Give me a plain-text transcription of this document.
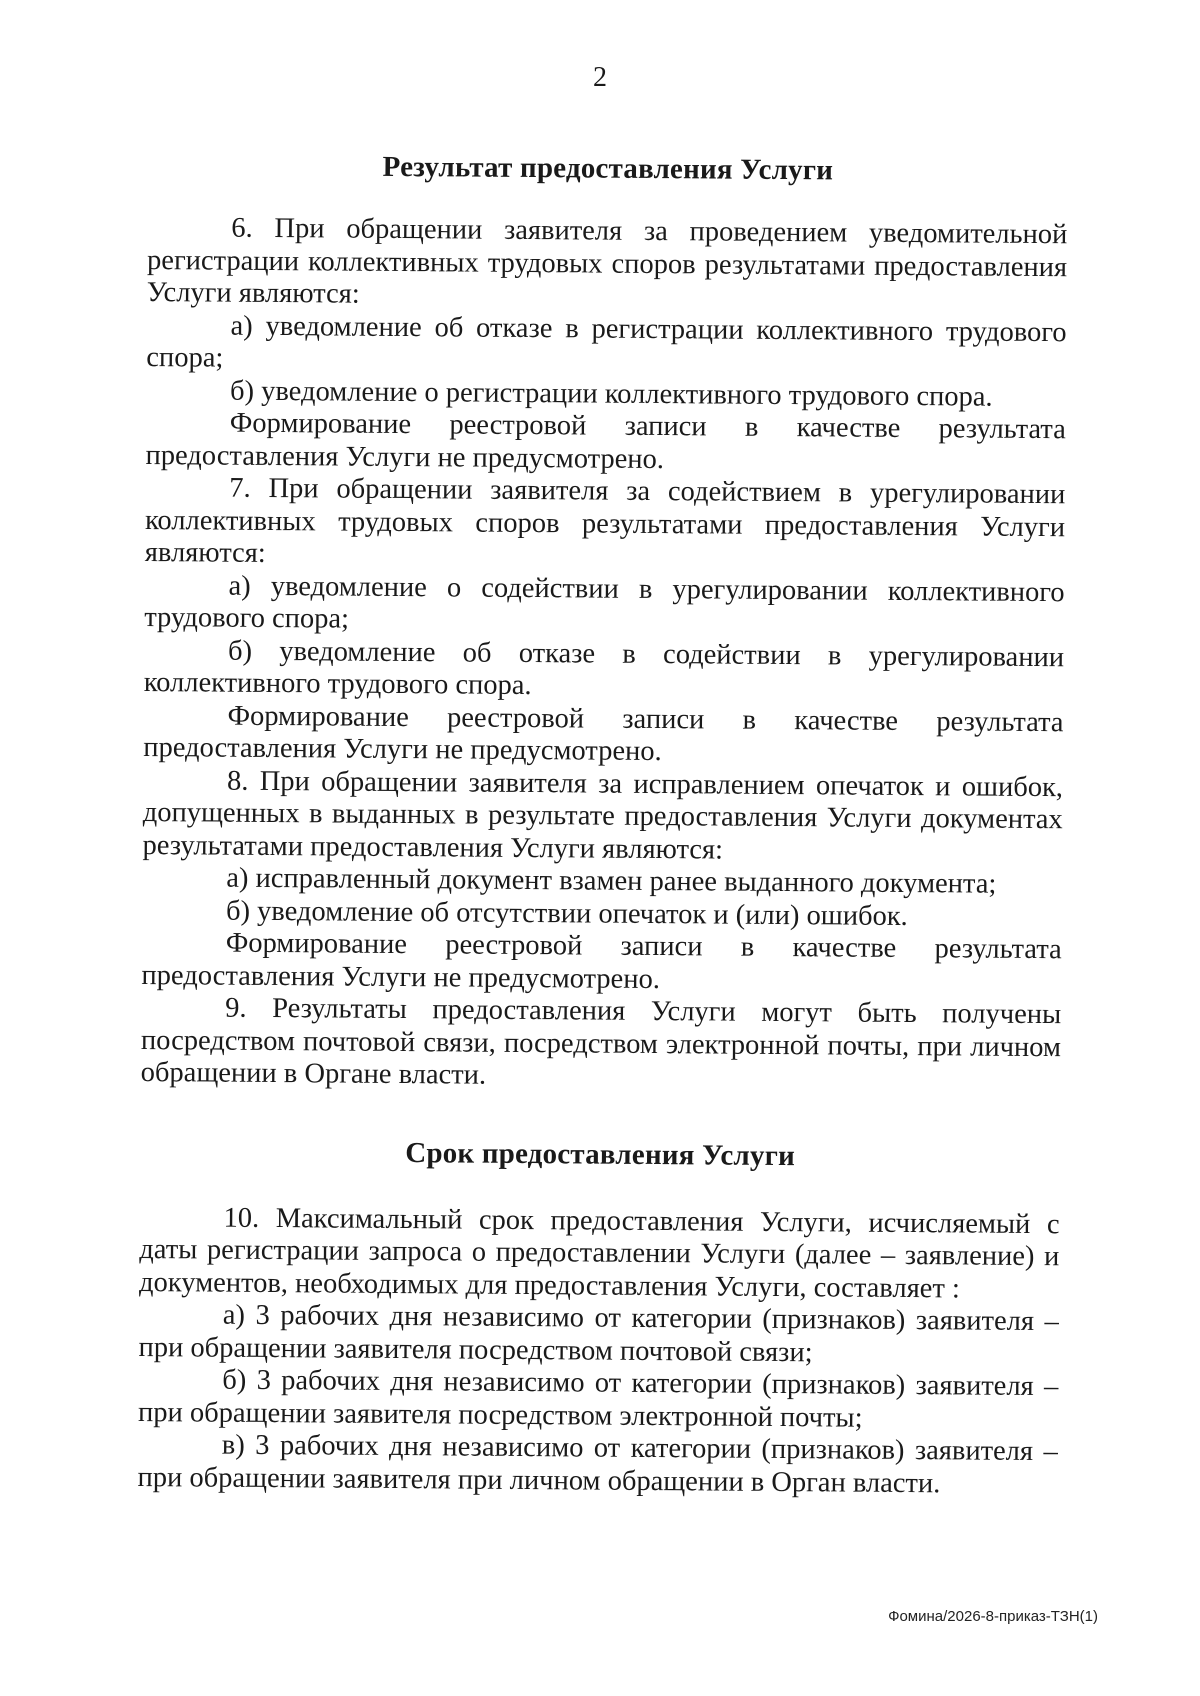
2
Результат предоставления Услуги

6. При обращении заявителя за проведением уведомительной регистрации коллективных трудовых споров результатами предоставления Услуги являются:

а) уведомление об отказе в регистрации коллективного трудового спора;

б) уведомление о регистрации коллективного трудового спора.

Формирование реестровой записи в качестве результата предоставления Услуги не предусмотрено.

7. При обращении заявителя за содействием в урегулировании коллективных трудовых споров результатами предоставления Услуги являются:

а) уведомление о содействии в урегулировании коллективного трудового спора;

б) уведомление об отказе в содействии в урегулировании коллективного трудового спора.

Формирование реестровой записи в качестве результата предоставления Услуги не предусмотрено.

8. При обращении заявителя за исправлением опечаток и ошибок, допущенных в выданных в результате предоставления Услуги документах результатами предоставления Услуги являются:

а) исправленный документ взамен ранее выданного документа;

б) уведомление об отсутствии опечаток и (или) ошибок.

Формирование реестровой записи в качестве результата предоставления Услуги не предусмотрено.

9. Результаты предоставления Услуги могут быть получены посредством почтовой связи, посредством электронной почты, при личном обращении в Органе власти.

Срок предоставления Услуги

10. Максимальный срок предоставления Услуги, исчисляемый с даты регистрации запроса о предоставлении Услуги (далее – заявление) и документов, необходимых для предоставления Услуги, составляет :

а) 3 рабочих дня независимо от категории (признаков) заявителя – при обращении заявителя посредством почтовой связи;

б) 3 рабочих дня независимо от категории (признаков) заявителя – при обращении заявителя посредством электронной почты;

в) 3 рабочих дня независимо от категории (признаков) заявителя – при обращении заявителя при личном обращении в Орган власти.

Фомина/2026-8-приказ-ТЗН(1)
